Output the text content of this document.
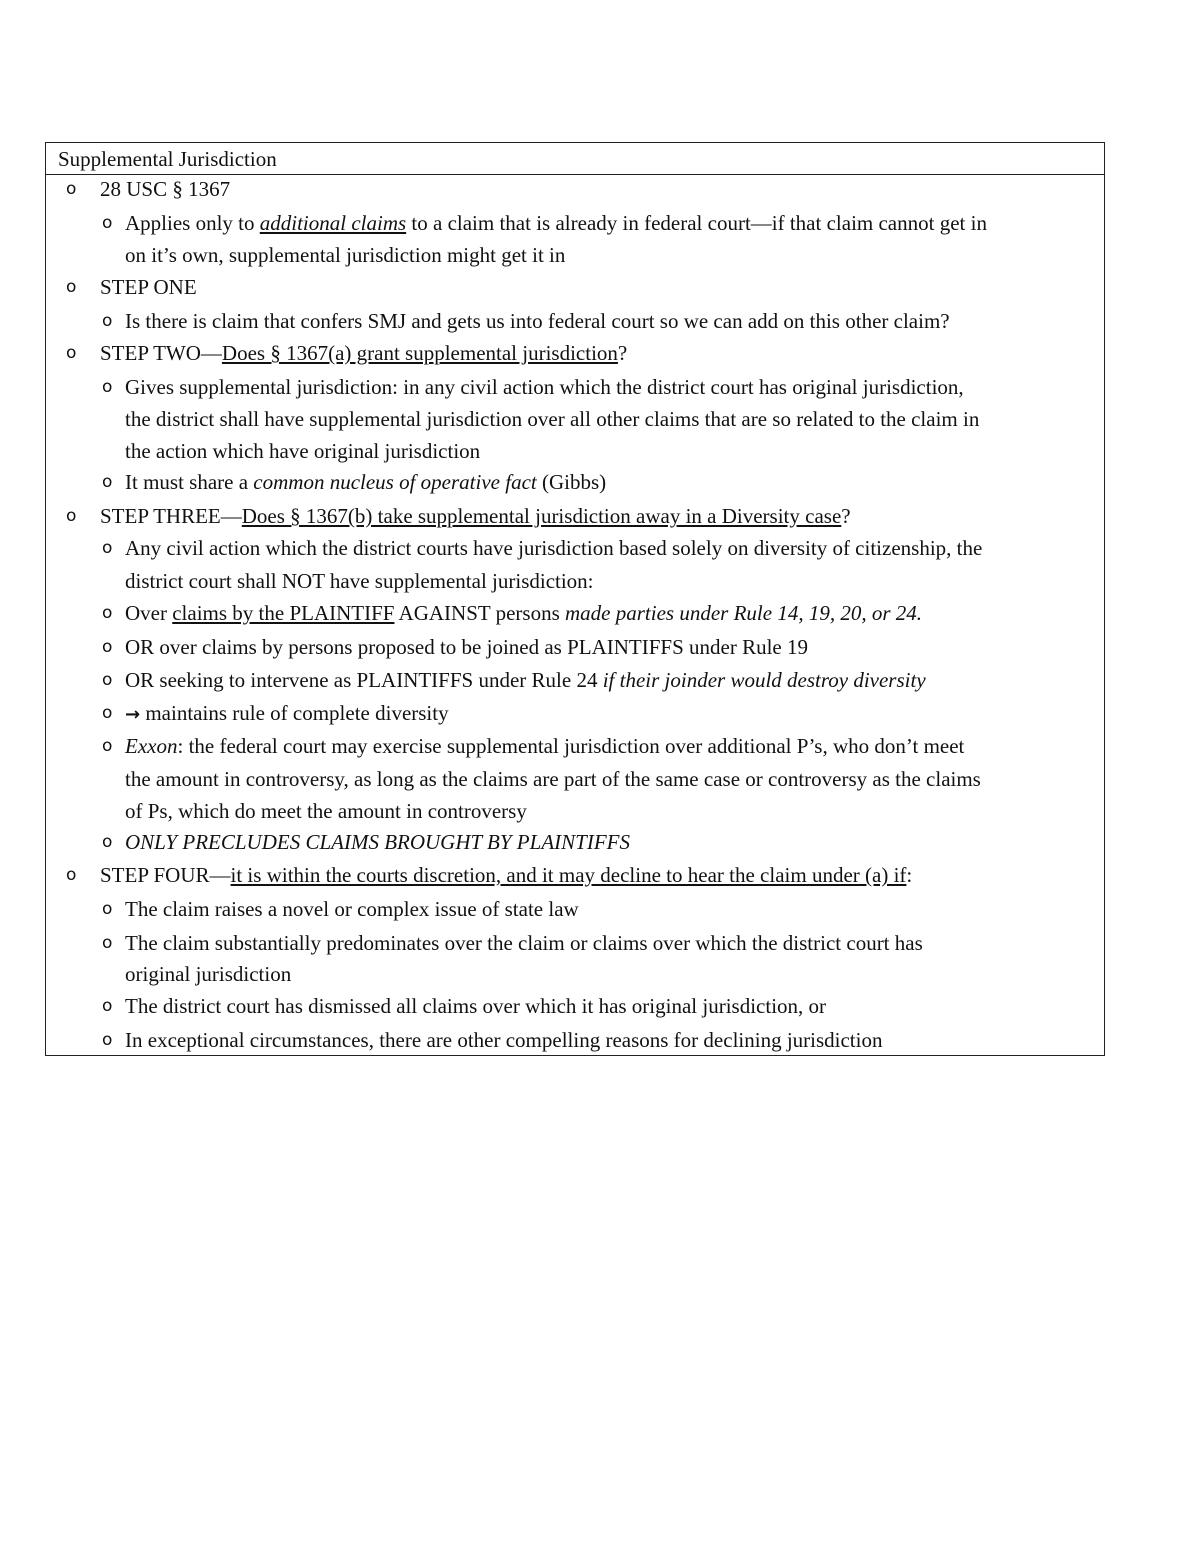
Supplemental Jurisdiction
o 28 USC § 1367
o Applies only to additional claims to a claim that is already in federal court—if that claim cannot get in
on it’s own, supplemental jurisdiction might get it in
o STEP ONE
o Is there is claim that confers SMJ and gets us into federal court so we can add on this other claim?
o STEP TWO—Does § 1367(a) grant supplemental jurisdiction?
o Gives supplemental jurisdiction: in any civil action which the district court has original jurisdiction,
the district shall have supplemental jurisdiction over all other claims that are so related to the claim in
the action which have original jurisdiction
o It must share a common nucleus of operative fact (Gibbs)
o STEP THREE—Does § 1367(b) take supplemental jurisdiction away in a Diversity case?
o Any civil action which the district courts have jurisdiction based solely on diversity of citizenship, the
district court shall NOT have supplemental jurisdiction:
o Over claims by the PLAINTIFF AGAINST persons made parties under Rule 14, 19, 20, or 24.
o OR over claims by persons proposed to be joined as PLAINTIFFS under Rule 19
o OR seeking to intervene as PLAINTIFFS under Rule 24 if their joinder would destroy diversity
o → maintains rule of complete diversity
o Exxon: the federal court may exercise supplemental jurisdiction over additional P’s, who don’t meet
the amount in controversy, as long as the claims are part of the same case or controversy as the claims
of Ps, which do meet the amount in controversy
o ONLY PRECLUDES CLAIMS BROUGHT BY PLAINTIFFS
o STEP FOUR—it is within the courts discretion, and it may decline to hear the claim under (a) if:
o The claim raises a novel or complex issue of state law
o The claim substantially predominates over the claim or claims over which the district court has
original jurisdiction
o The district court has dismissed all claims over which it has original jurisdiction, or
o In exceptional circumstances, there are other compelling reasons for declining jurisdiction
